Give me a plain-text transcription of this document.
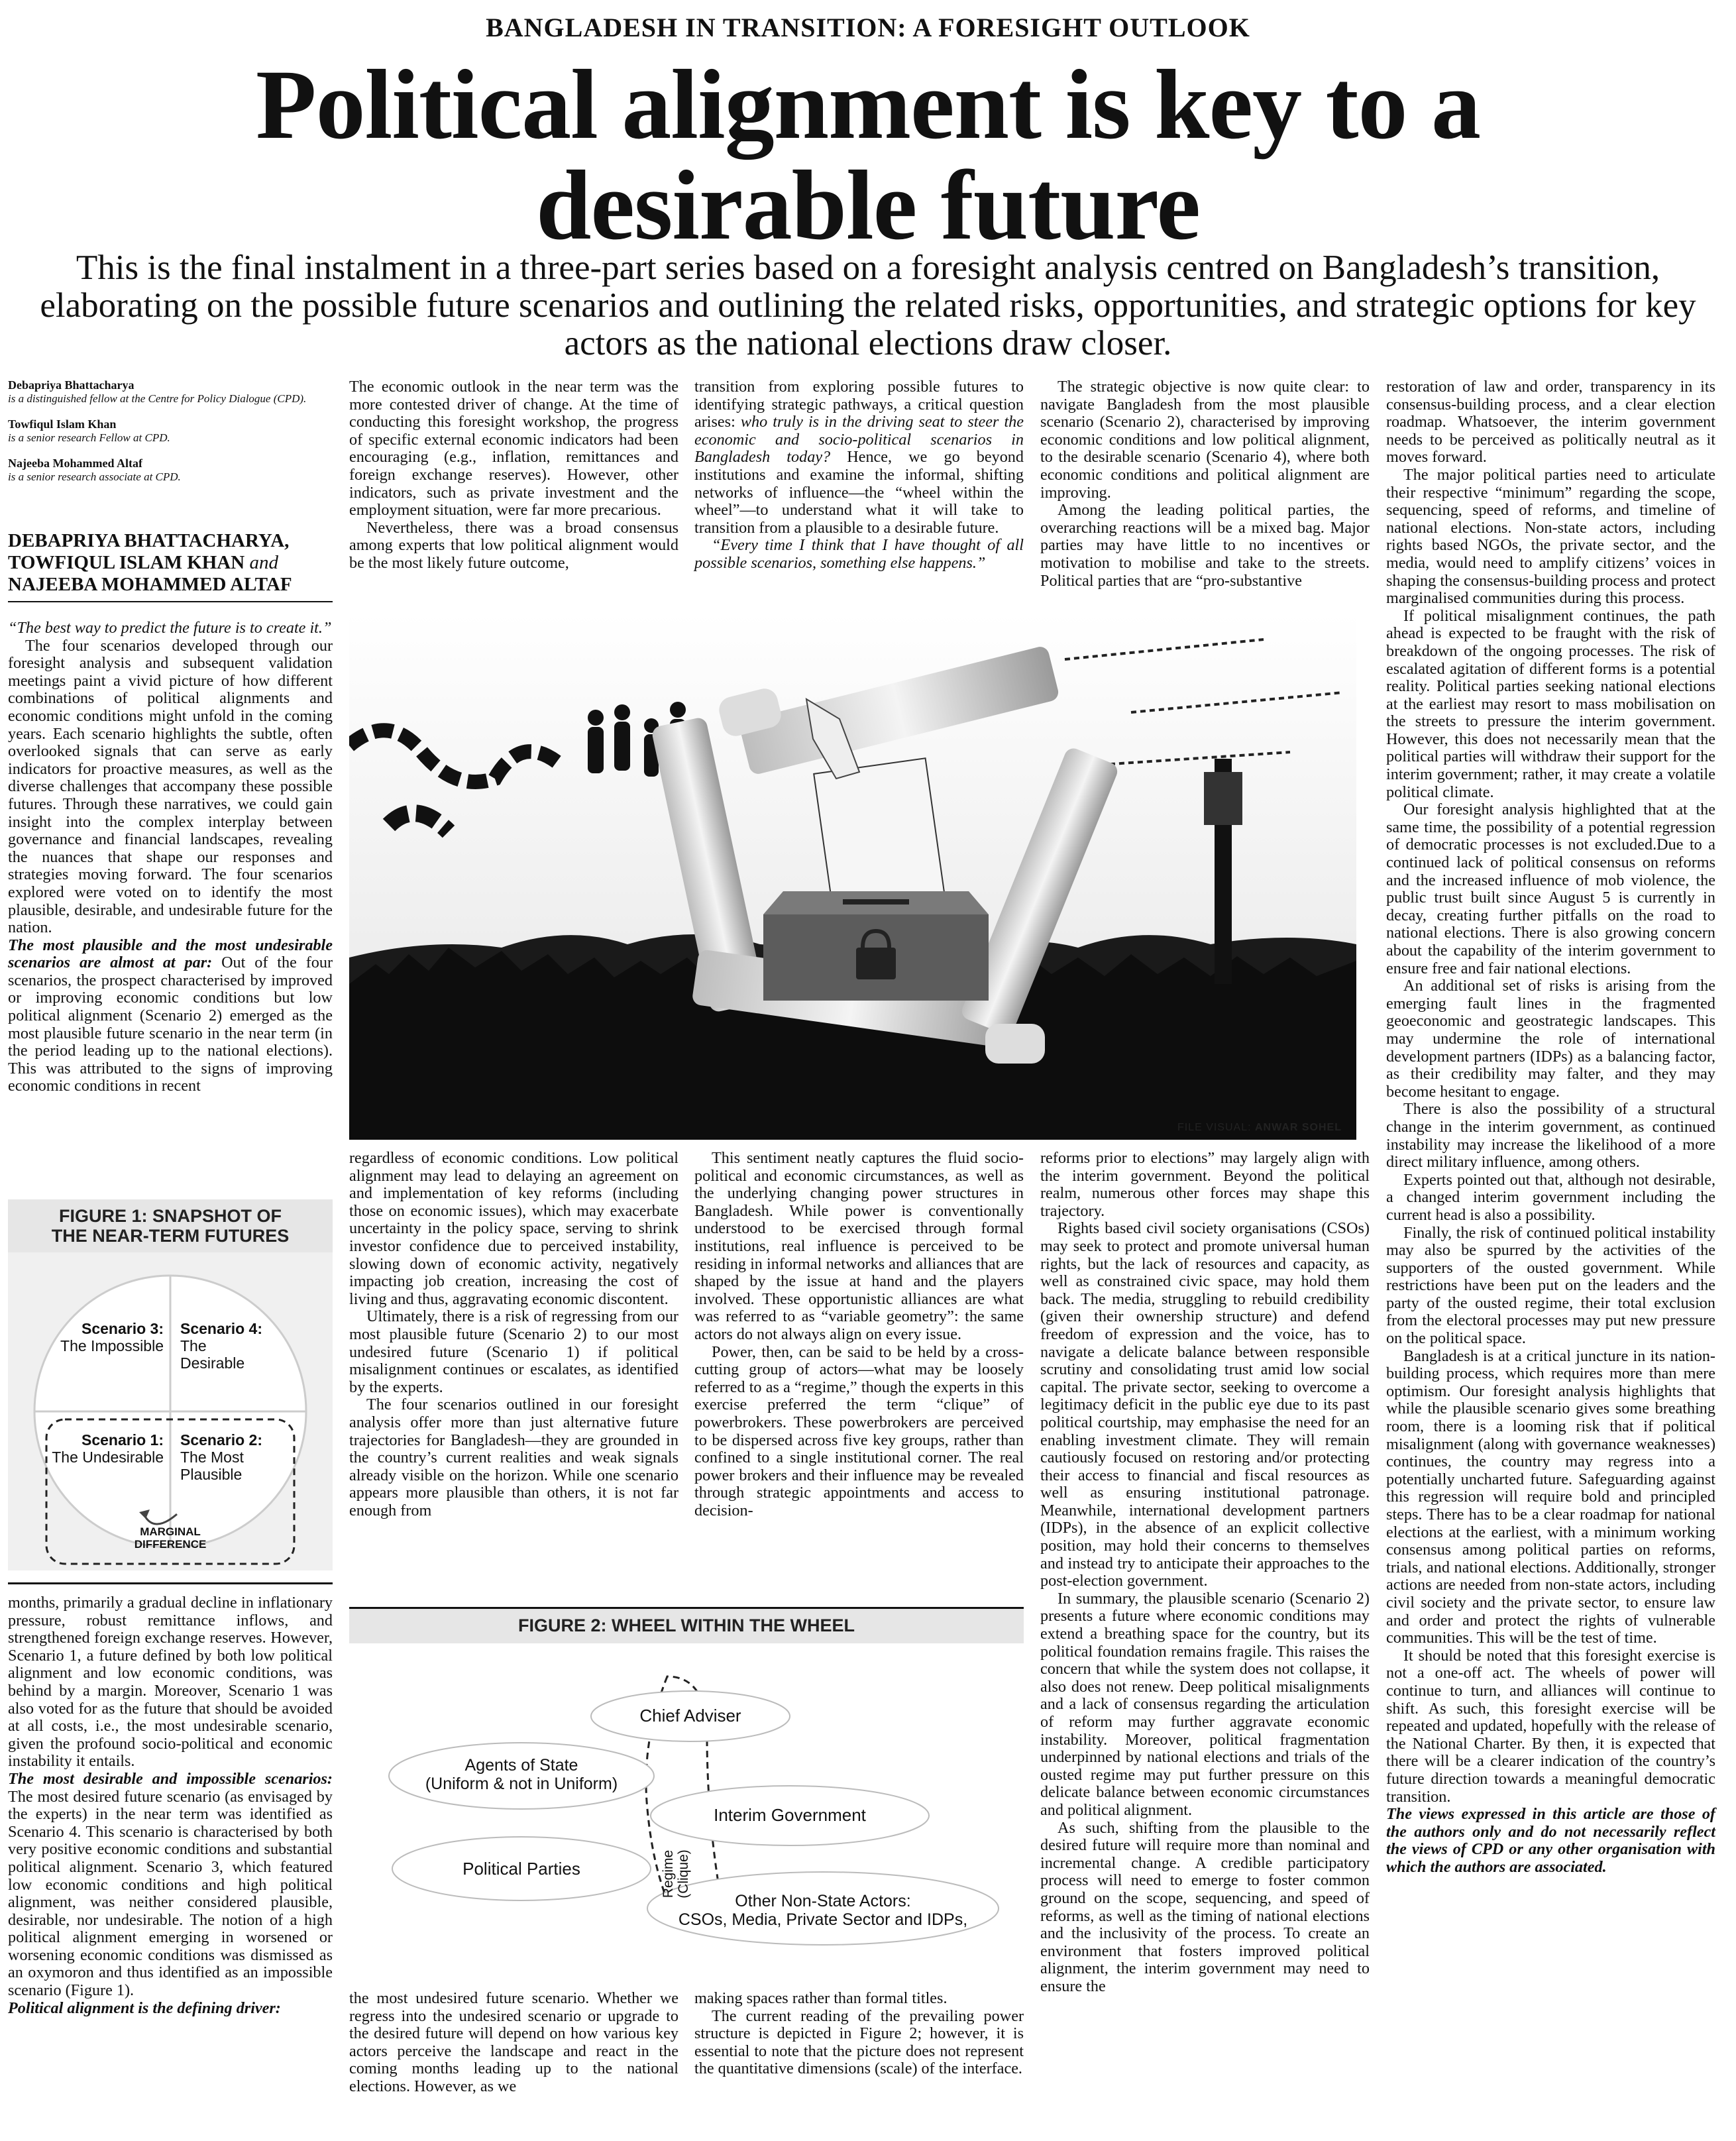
BANGLADESH IN TRANSITION: A FORESIGHT OUTLOOK
Political alignment is key to a
desirable future
This is the final instalment in a three-part series based on a foresight analysis centred on Bangladesh’s transition, elaborating on the possible future scenarios and outlining the related risks, opportunities, and strategic options for key actors as the national elections draw closer.
Debapriya Bhattacharya
is a distinguished fellow at the Centre for Policy Dialogue (CPD).
Towfiqul Islam Khan
is a senior research Fellow at CPD.
Najeeba Mohammed Altaf
is a senior research associate at CPD.
DEBAPRIYA BHATTACHARYA,
TOWFIQUL ISLAM KHAN and
NAJEEBA MOHAMMED ALTAF

“The best way to predict the future is to create it.”

The four scenarios developed through our foresight analysis and subsequent validation meetings paint a vivid picture of how different combinations of political alignments and economic conditions might unfold in the coming years. Each scenario highlights the subtle, often overlooked signals that can serve as early indicators for proactive measures, as well as the diverse challenges that accompany these possible futures. Through these narratives, we could gain insight into the complex interplay between governance and financial landscapes, revealing the nuances that shape our responses and strategies moving forward. The four scenarios explored were voted on to identify the most plausible, desirable, and undesirable future for the nation.

The most plausible and the most undesirable scenarios are almost at par: Out of the four scenarios, the prospect characterised by improved or improving economic conditions but low political alignment (Scenario 2) emerged as the most plausible future scenario in the near term (in the period leading up to the national elections). This was attributed to the signs of improving economic conditions in recent

FIGURE 1: SNAPSHOT OF
THE NEAR-TERM FUTURES
Scenario 3:
The Impossible
Scenario 4:
The Desirable
Scenario 1:
The Undesirable
Scenario 2:
The Most Plausible
MARGINAL
DIFFERENCE

months, primarily a gradual decline in inflationary pressure, robust remittance inflows, and strengthened foreign exchange reserves. However, Scenario 1, a future defined by both low political alignment and low economic conditions, was behind by a margin. Moreover, Scenario 1 was also voted for as the future that should be avoided at all costs, i.e., the most undesirable scenario, given the profound socio-political and economic instability it entails.

The most desirable and impossible scenarios: The most desired future scenario (as envisaged by the experts) in the near term was identified as Scenario 4. This scenario is characterised by both very positive economic conditions and substantial political alignment. Scenario 3, which featured low economic conditions and high political alignment, was neither considered plausible, desirable, nor undesirable. The notion of a high political alignment emerging in worsened or worsening economic conditions was dismissed as an oxymoron and thus identified as an impossible scenario (Figure 1).

Political alignment is the defining driver:

The economic outlook in the near term was the more contested driver of change. At the time of conducting this foresight workshop, the progress of specific external economic indicators had been encouraging (e.g., inflation, remittances and foreign exchange reserves). However, other indicators, such as private investment and the employment situation, were far more precarious.

Nevertheless, there was a broad consensus among experts that low political alignment would be the most likely future outcome,

transition from exploring possible futures to identifying strategic pathways, a critical question arises: who truly is in the driving seat to steer the economic and socio-political scenarios in Bangladesh today? Hence, we go beyond institutions and examine the informal, shifting networks of influence—the “wheel within the wheel”—to understand what it will take to transition from a plausible to a desirable future.

“Every time I think that I have thought of all possible scenarios, something else happens.”

The strategic objective is now quite clear: to navigate Bangladesh from the most plausible scenario (Scenario 2), characterised by improving economic conditions and low political alignment, to the desirable scenario (Scenario 4), where both economic conditions and political alignment are improving.

Among the leading political parties, the overarching reactions will be a mixed bag. Major parties may have little to no incentives or motivation to mobilise and take to the streets. Political parties that are “pro-substantive

FILE VISUAL: ANWAR SOHEL

regardless of economic conditions. Low political alignment may lead to delaying an agreement on and implementation of key reforms (including those on economic issues), which may exacerbate uncertainty in the policy space, serving to shrink investor confidence due to perceived instability, slowing down of economic activity, negatively impacting job creation, increasing the cost of living and thus, aggravating economic discontent.

Ultimately, there is a risk of regressing from our most plausible future (Scenario 2) to our most undesired future (Scenario 1) if political misalignment continues or escalates, as identified by the experts.

The four scenarios outlined in our foresight analysis offer more than just alternative future trajectories for Bangladesh—they are grounded in the country’s current realities and weak signals already visible on the horizon. While one scenario appears more plausible than others, it is not far enough from

This sentiment neatly captures the fluid socio-political and economic circumstances, as well as the underlying changing power structures in Bangladesh. While power is conventionally understood to be exercised through formal institutions, real influence is perceived to be residing in informal networks and alliances that are shaped by the issue at hand and the players involved. These opportunistic alliances are what was referred to as “variable geometry”: the same actors do not always align on every issue.

Power, then, can be said to be held by a cross-cutting group of actors—what may be loosely referred to as a “regime,” though the experts in this exercise preferred the term “clique” of powerbrokers. These powerbrokers are perceived to be dispersed across five key groups, rather than confined to a single institutional corner. The real power brokers and their influence may be revealed through strategic appointments and access to decision-

reforms prior to elections” may largely align with the interim government. Beyond the political realm, numerous other forces may shape this trajectory.

Rights based civil society organisations (CSOs) may seek to protect and promote universal human rights, but the lack of resources and capacity, as well as constrained civic space, may hold them back. The media, struggling to rebuild credibility (given their ownership structure) and defend freedom of expression and the voice, has to navigate a delicate balance between responsible scrutiny and consolidating trust amid low social capital. The private sector, seeking to overcome a legitimacy deficit in the public eye due to its past political courtship, may emphasise the need for an enabling investment climate. They will remain cautiously focused on restoring and/or protecting their access to financial and fiscal resources as well as ensuring institutional patronage. Meanwhile, international development partners (IDPs), in the absence of an explicit collective position, may hold their concerns to themselves and instead try to anticipate their approaches to the post-election government.

In summary, the plausible scenario (Scenario 2) presents a future where economic conditions may extend a breathing space for the country, but its political foundation remains fragile. This raises the concern that while the system does not collapse, it also does not renew. Deep political misalignments and a lack of consensus regarding the articulation of reform may further aggravate economic instability. Moreover, political fragmentation underpinned by national elections and trials of the ousted regime may put further pressure on this delicate balance between economic circumstances and political alignment.

As such, shifting from the plausible to the desired future will require more than nominal and incremental change. A credible participatory process will need to emerge to foster common ground on the scope, sequencing, and speed of reforms, as well as the timing of national elections and the inclusivity of the process. To create an environment that fosters improved political alignment, the interim government may need to ensure the

FIGURE 2: WHEEL WITHIN THE WHEEL
Chief Adviser
Agents of State
(Uniform & not in Uniform)
Interim Government
Political Parties	Regime (Clique)
Other Non-State Actors:
CSOs, Media, Private Sector and IDPs,

the most undesired future scenario. Whether we regress into the undesired scenario or upgrade to the desired future will depend on how various key actors perceive the landscape and react in the coming months leading up to the national elections. However, as we

making spaces rather than formal titles.

The current reading of the prevailing power structure is depicted in Figure 2; however, it is essential to note that the picture does not represent the quantitative dimensions (scale) of the interface.

restoration of law and order, transparency in its consensus-building process, and a clear election roadmap. Whatsoever, the interim government needs to be perceived as politically neutral as it moves forward.

The major political parties need to articulate their respective “minimum” regarding the scope, sequencing, speed of reforms, and timeline of national elections. Non-state actors, including rights based NGOs, the private sector, and the media, would need to amplify citizens’ voices in shaping the consensus-building process and protect marginalised communities during this process.

If political misalignment continues, the path ahead is expected to be fraught with the risk of breakdown of the ongoing processes. The risk of escalated agitation of different forms is a potential reality. Political parties seeking national elections at the earliest may resort to mass mobilisation on the streets to pressure the interim government. However, this does not necessarily mean that the political parties will withdraw their support for the interim government; rather, it may create a volatile political climate.

Our foresight analysis highlighted that at the same time, the possibility of a potential regression of democratic processes is not excluded.Due to a continued lack of political consensus on reforms and the increased influence of mob violence, the public trust built since August 5 is currently in decay, creating further pitfalls on the road to national elections. There is also growing concern about the capability of the interim government to ensure free and fair national elections.

An additional set of risks is arising from the emerging fault lines in the fragmented geoeconomic and geostrategic landscapes. This may undermine the role of international development partners (IDPs) as a balancing factor, as their credibility may falter, and they may become hesitant to engage.

There is also the possibility of a structural change in the interim government, as continued instability may increase the likelihood of a more direct military influence, among others.

Experts pointed out that, although not desirable, a changed interim government including the current head is also a possibility.

Finally, the risk of continued political instability may also be spurred by the activities of the supporters of the ousted government. While restrictions have been put on the leaders and the party of the ousted regime, their total exclusion from the electoral processes may put new pressure on the political space.

Bangladesh is at a critical juncture in its nation-building process, which requires more than mere optimism. Our foresight analysis highlights that while the plausible scenario gives some breathing room, there is a looming risk that if political misalignment (along with governance weaknesses) continues, the country may regress into a potentially uncharted future. Safeguarding against this regression will require bold and principled steps. There has to be a clear roadmap for national elections at the earliest, with a minimum working consensus among political parties on reforms, trials, and national elections. Additionally, stronger actions are needed from non-state actors, including civil society and the private sector, to ensure law and order and protect the rights of vulnerable communities. This will be the test of time.

It should be noted that this foresight exercise is not a one-off act. The wheels of power will continue to turn, and alliances will continue to shift. As such, this foresight exercise will be repeated and updated, hopefully with the release of the National Charter. By then, it is expected that there will be a clearer indication of the country’s future direction towards a meaningful democratic transition.

The views expressed in this article are those of the authors only and do not necessarily reflect the views of CPD or any other organisation with which the authors are associated.
